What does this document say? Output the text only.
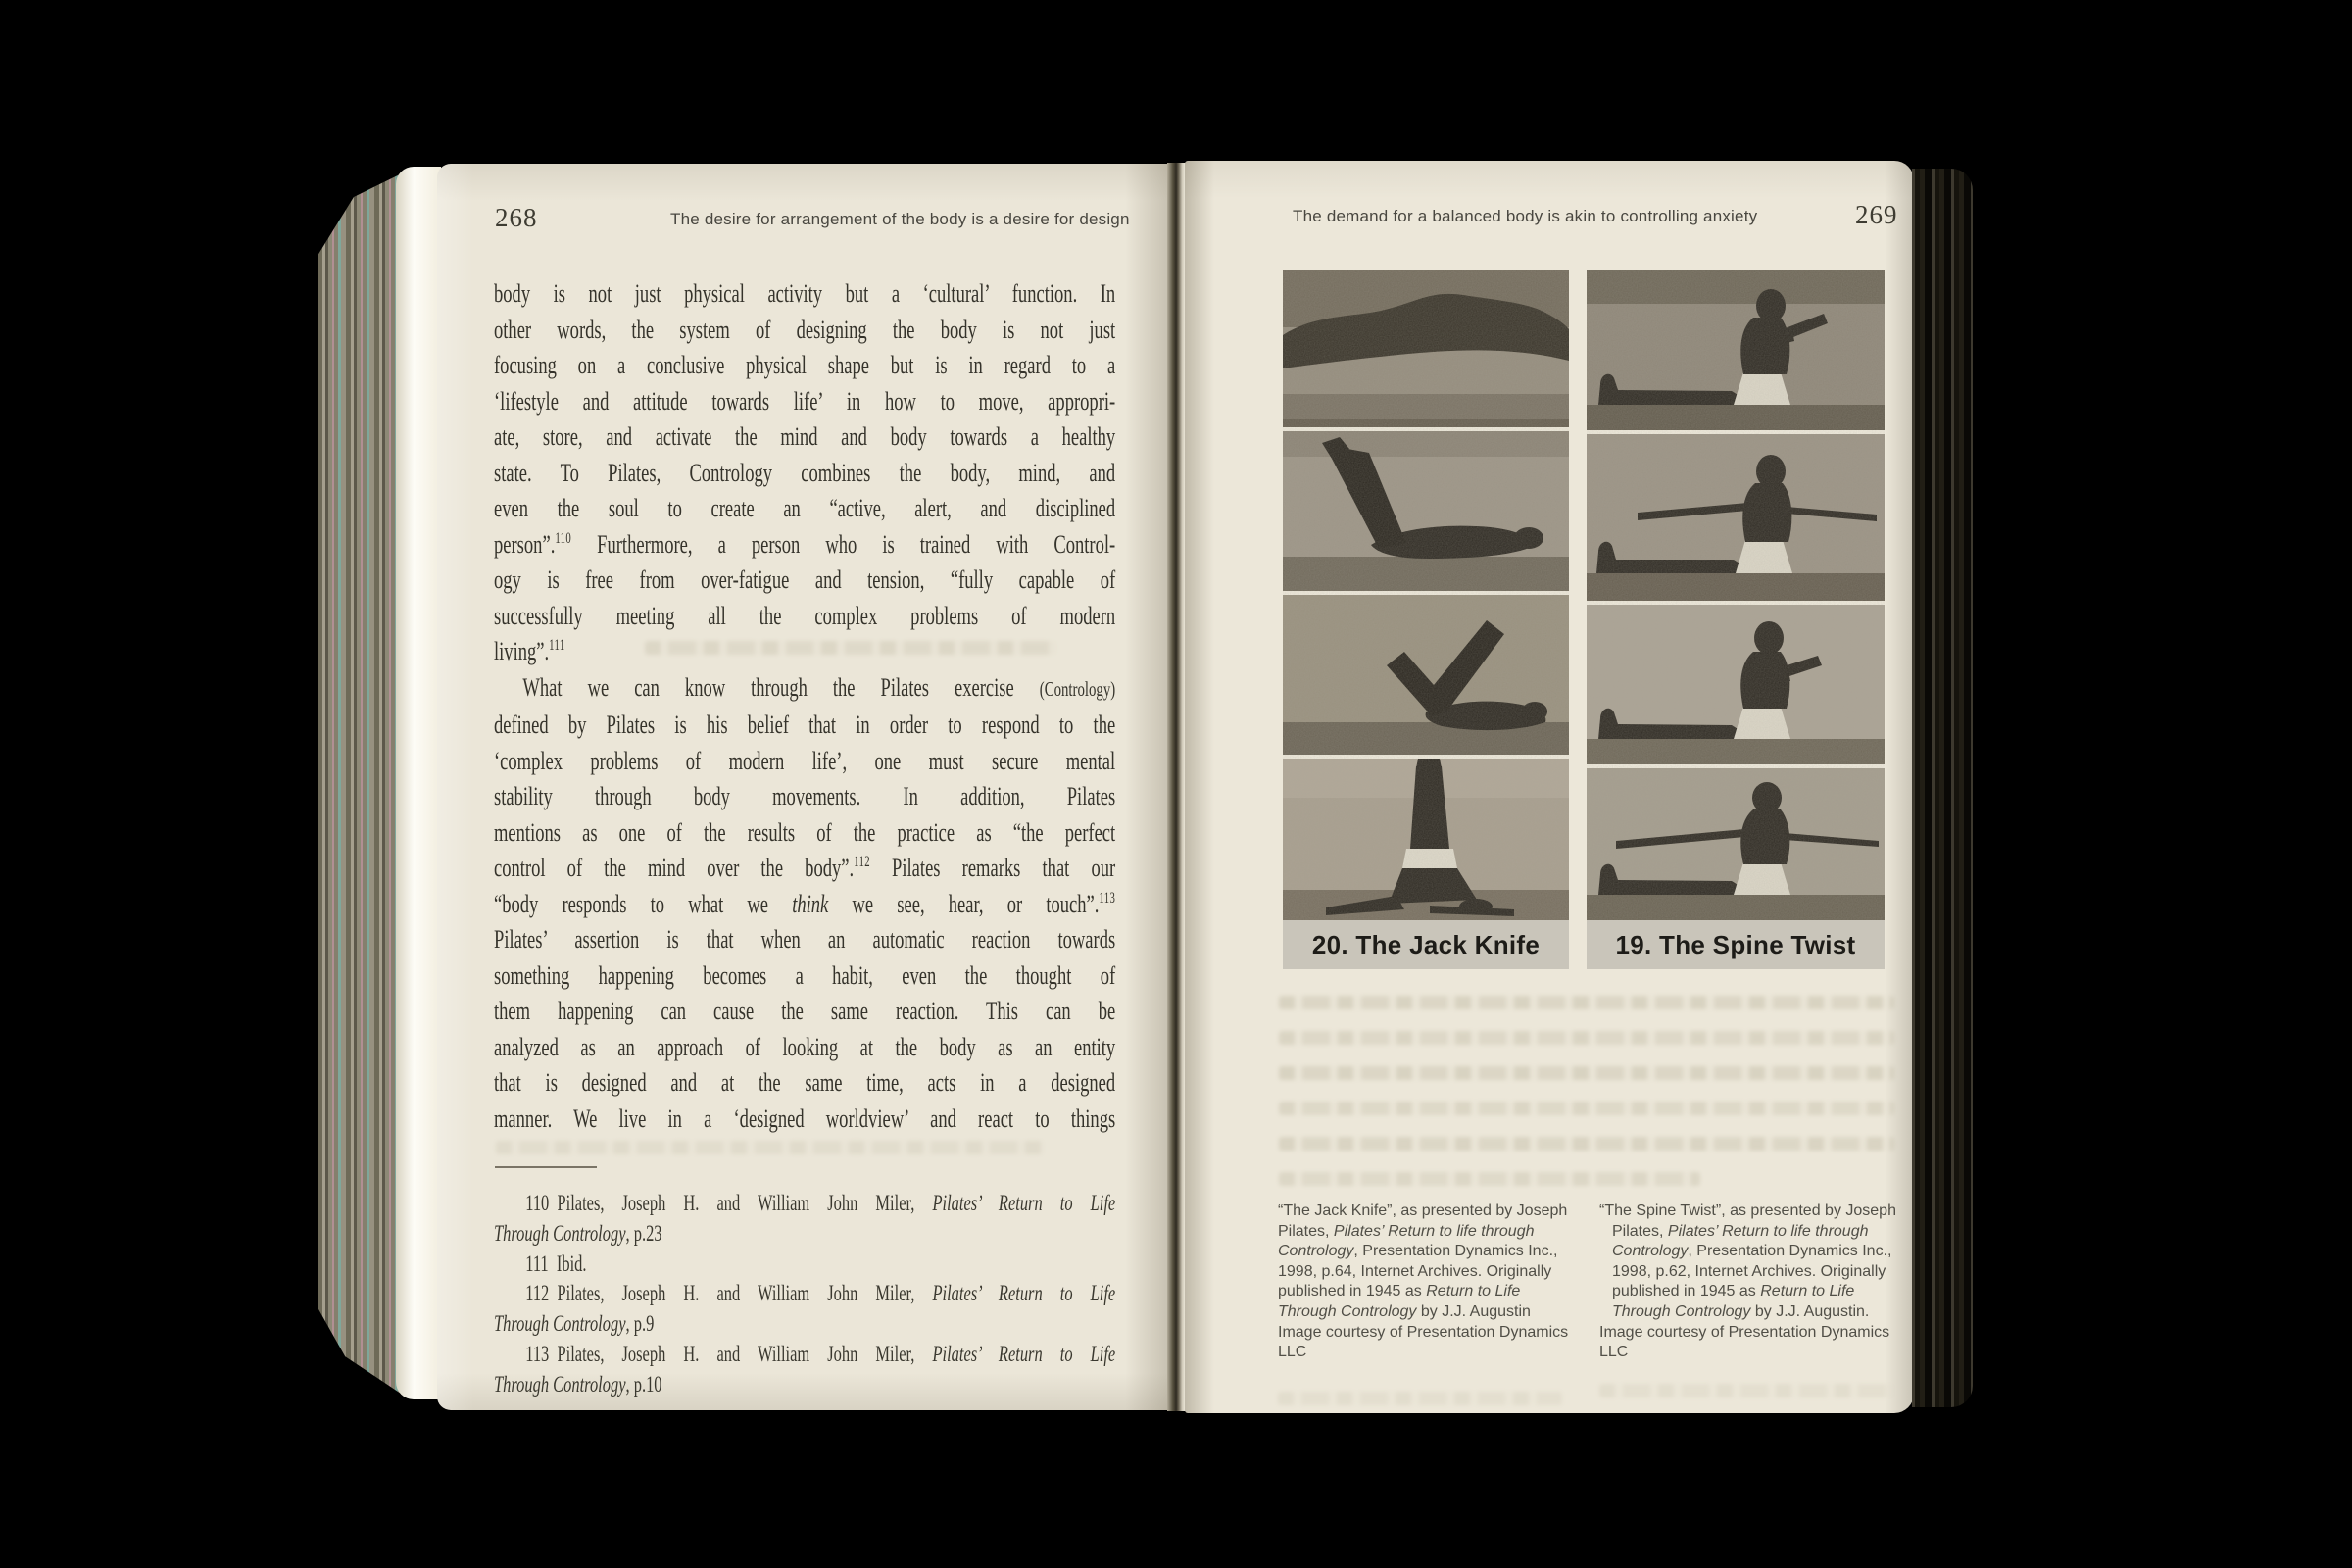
268	The desire for arrangement of the body is a desire for design
body is not just physical activity but a ‘cultural’ function. In
other words, the system of designing the body is not just
focusing on a conclusive physical shape but is in regard to a
‘lifestyle and attitude towards life’ in how to move, appropri-
ate, store, and activate the mind and body towards a healthy
state. To Pilates, Contrology combines the body, mind, and
even the soul to create an “active, alert, and disciplined
person”.$^{110}$ Furthermore, a person who is trained with Control-
ogy is free from over-fatigue and tension, “fully capable of
successfully meeting all the complex problems of modern
living”.$^{111}$
What we can know through the Pilates exercise (Contrology)
defined by Pilates is his belief that in order to respond to the
‘complex problems of modern life’, one must secure mental
stability through body movements. In addition, Pilates
mentions as one of the results of the practice as “the perfect
control of the mind over the body”.$^{112}$ Pilates remarks that our
“body responds to what we think we see, hear, or touch”.$^{113}$
Pilates’ assertion is that when an automatic reaction towards
something happening becomes a habit, even the thought of
them happening can cause the same reaction. This can be
analyzed as an approach of looking at the body as an entity
that is designed and at the same time, acts in a designed
manner. We live in a ‘designed worldview’ and react to things
110 Pilates, Joseph H. and William John Miler, Pilates’ Return to Life
Through Contrology, p.23
111 Ibid.
112 Pilates, Joseph H. and William John Miler, Pilates’ Return to Life
Through Contrology, p.9
113 Pilates, Joseph H. and William John Miler, Pilates’ Return to Life
Through Contrology, p.10
The demand for a balanced body is akin to controlling anxiety	269
20. The Jack Knife	19. The Spine Twist
“The Jack Knife”, as presented by Joseph
Pilates, Pilates’ Return to life through
Contrology, Presentation Dynamics Inc.,
1998, p.64, Internet Archives. Originally
published in 1945 as Return to Life
Through Contrology by J.J. Augustin
Image courtesy of Presentation Dynamics
LLC
“The Spine Twist”, as presented by Joseph
Pilates, Pilates’ Return to life through
Contrology, Presentation Dynamics Inc.,
1998, p.62, Internet Archives. Originally
published in 1945 as Return to Life
Through Contrology by J.J. Augustin.
Image courtesy of Presentation Dynamics
LLC
